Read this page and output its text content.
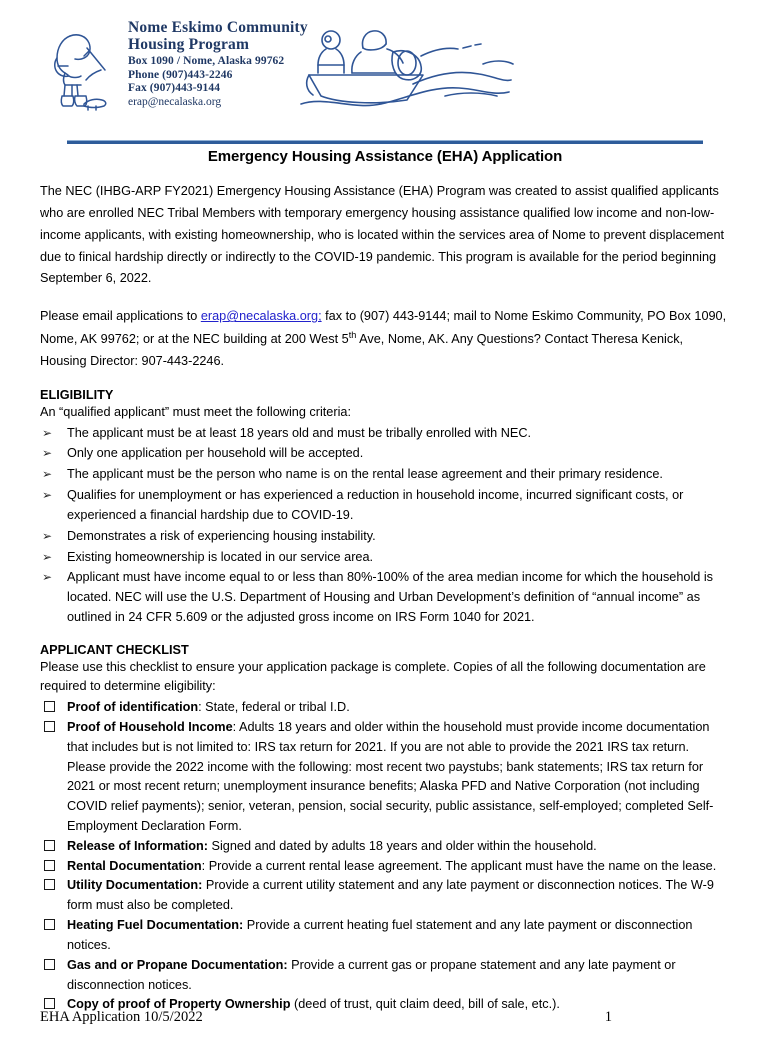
Nome Eskimo Community
Housing Program
Box 1090 / Nome, Alaska 99762
Phone (907)443-2246
Fax (907)443-9144
erap@necalaska.org
Emergency Housing Assistance (EHA) Application

The NEC (IHBG-ARP FY2021) Emergency Housing Assistance (EHA) Program was created to assist qualified applicants who are enrolled NEC Tribal Members with temporary emergency housing assistance qualified low income and non-low-income applicants, with existing homeownership, who is located within the services area of Nome to prevent displacement due to finical hardship directly or indirectly to the COVID-19 pandemic. This program is available for the period beginning September 6, 2022.

Please email applications to erap@necalaska.org; fax to (907) 443-9144; mail to Nome Eskimo Community, PO Box 1090, Nome, AK 99762; or at the NEC building at 200 West 5th Ave, Nome, AK. Any Questions? Contact Theresa Kenick, Housing Director: 907-443-2246.

ELIGIBILITY
An “qualified applicant” must meet the following criteria:
➢ The applicant must be at least 18 years old and must be tribally enrolled with NEC.
➢ Only one application per household will be accepted.
➢ The applicant must be the person who name is on the rental lease agreement and their primary residence.
➢ Qualifies for unemployment or has experienced a reduction in household income, incurred significant costs, or experienced a financial hardship due to COVID-19.
➢ Demonstrates a risk of experiencing housing instability.
➢ Existing homeownership is located in our service area.
➢ Applicant must have income equal to or less than 80%-100% of the area median income for which the household is located. NEC will use the U.S. Department of Housing and Urban Development’s definition of “annual income” as outlined in 24 CFR 5.609 or the adjusted gross income on IRS Form 1040 for 2021.
APPLICANT CHECKLIST
Please use this checklist to ensure your application package is complete. Copies of all the following documentation are required to determine eligibility:
Proof of identification: State, federal or tribal I.D.
Proof of Household Income: Adults 18 years and older within the household must provide income documentation that includes but is not limited to: IRS tax return for 2021. If you are not able to provide the 2021 IRS tax return. Please provide the 2022 income with the following: most recent two paystubs; bank statements; IRS tax return for 2021 or most recent return; unemployment insurance benefits; Alaska PFD and Native Corporation (not including COVID relief payments); senior, veteran, pension, social security, public assistance, self-employed; completed Self-Employment Declaration Form.
Release of Information: Signed and dated by adults 18 years and older within the household.
Rental Documentation: Provide a current rental lease agreement. The applicant must have the name on the lease.
Utility Documentation: Provide a current utility statement and any late payment or disconnection notices. The W-9 form must also be completed.
Heating Fuel Documentation: Provide a current heating fuel statement and any late payment or disconnection notices.
Gas and or Propane Documentation: Provide a current gas or propane statement and any late payment or disconnection notices.
Copy of proof of Property Ownership (deed of trust, quit claim deed, bill of sale, etc.).
EHA Application 10/5/2022	1
